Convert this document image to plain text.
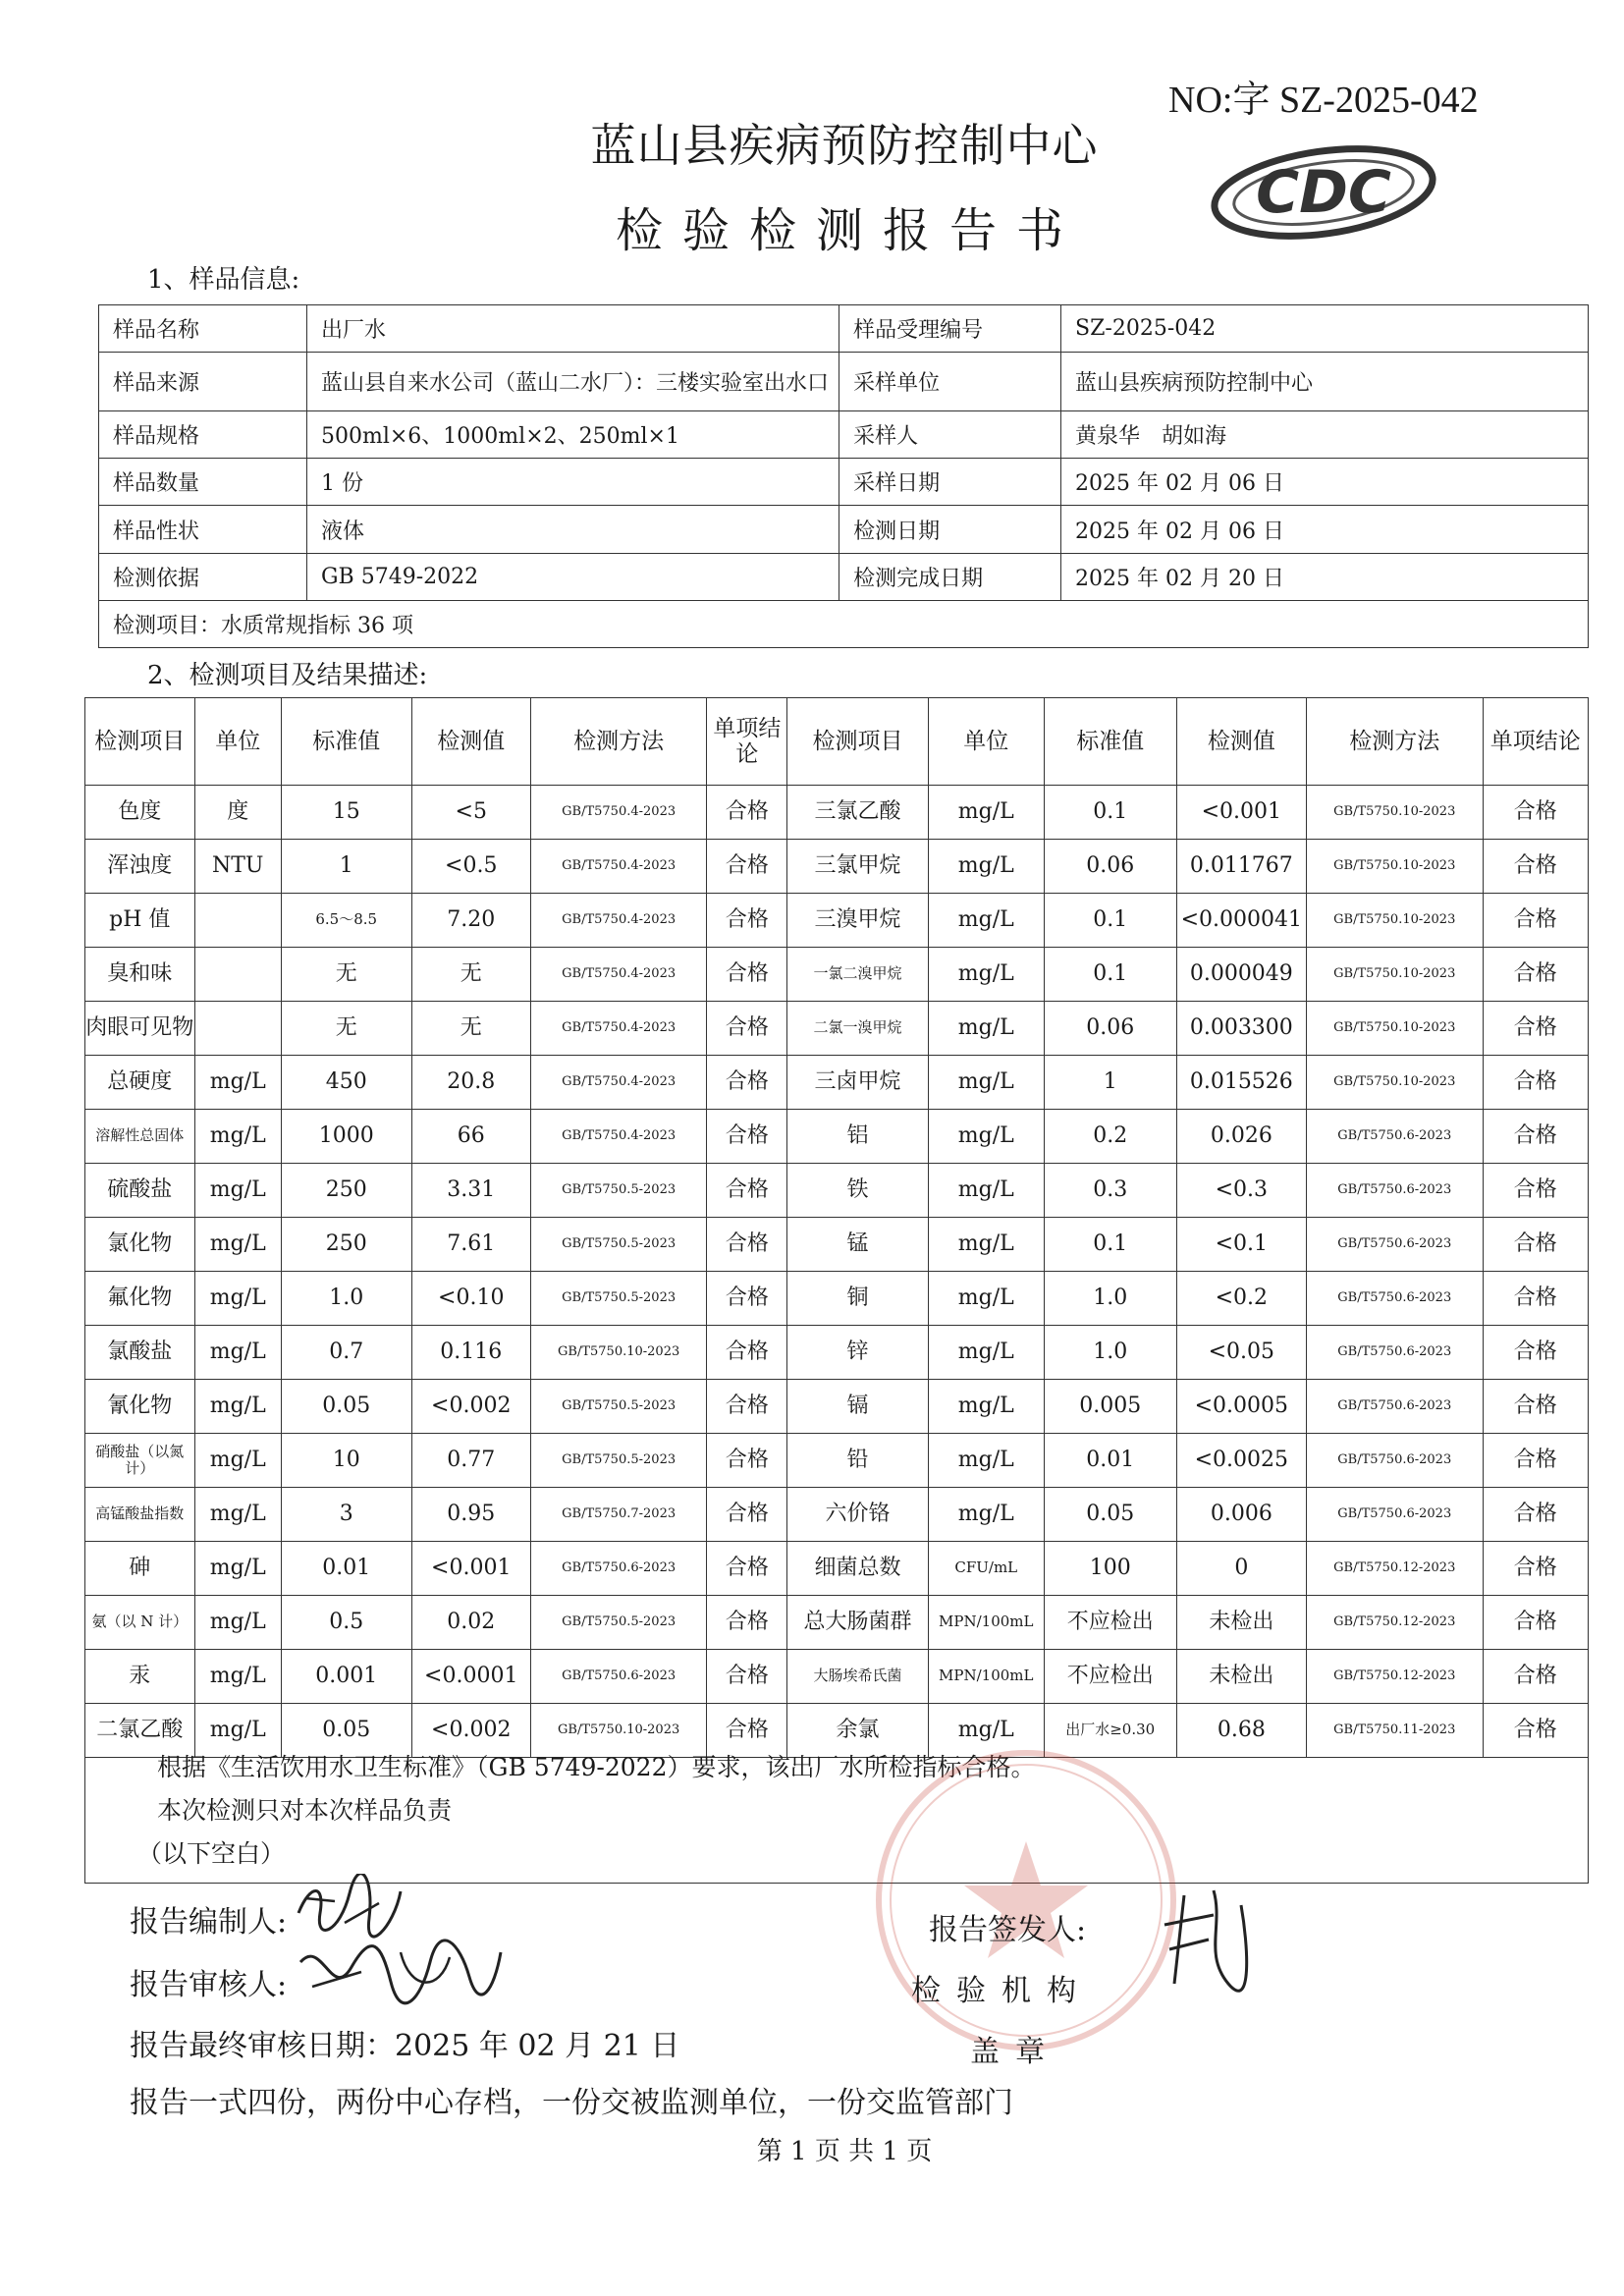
NO:字 SZ-2025-042
蓝山县疾病预防控制中心
检验检测报告书
CDC
1、样品信息:
样品名称	出厂水	样品受理编号	SZ-2025-042
样品来源	蓝山县自来水公司（蓝山二水厂）：三楼实验室出水口	采样单位	蓝山县疾病预防控制中心
样品规格	500ml×6、1000ml×2、250ml×1	采样人	黄泉华　胡如海
样品数量	1 份	采样日期	2025 年 02 月 06 日
样品性状	液体	检测日期	2025 年 02 月 06 日
检测依据	GB 5749-2022	检测完成日期	2025 年 02 月 20 日
检测项目：水质常规指标 36 项			
2、检测项目及结果描述:
检测项目	单位	标准值	检测值	检测方法	单项结论	检测项目	单位	标准值	检测值	检测方法	单项结论
色度	度	15	<5	GB/T5750.4-2023	合格	三氯乙酸	mg/L	0.1	<0.001	GB/T5750.10-2023	合格
浑浊度	NTU	1	<0.5	GB/T5750.4-2023	合格	三氯甲烷	mg/L	0.06	0.011767	GB/T5750.10-2023	合格
pH 值		6.5～8.5	7.20	GB/T5750.4-2023	合格	三溴甲烷	mg/L	0.1	<0.000041	GB/T5750.10-2023	合格
臭和味		无	无	GB/T5750.4-2023	合格	一氯二溴甲烷	mg/L	0.1	0.000049	GB/T5750.10-2023	合格
肉眼可见物		无	无	GB/T5750.4-2023	合格	二氯一溴甲烷	mg/L	0.06	0.003300	GB/T5750.10-2023	合格
总硬度	mg/L	450	20.8	GB/T5750.4-2023	合格	三卤甲烷	mg/L	1	0.015526	GB/T5750.10-2023	合格
溶解性总固体	mg/L	1000	66	GB/T5750.4-2023	合格	铝	mg/L	0.2	0.026	GB/T5750.6-2023	合格
硫酸盐	mg/L	250	3.31	GB/T5750.5-2023	合格	铁	mg/L	0.3	<0.3	GB/T5750.6-2023	合格
氯化物	mg/L	250	7.61	GB/T5750.5-2023	合格	锰	mg/L	0.1	<0.1	GB/T5750.6-2023	合格
氟化物	mg/L	1.0	<0.10	GB/T5750.5-2023	合格	铜	mg/L	1.0	<0.2	GB/T5750.6-2023	合格
氯酸盐	mg/L	0.7	0.116	GB/T5750.10-2023	合格	锌	mg/L	1.0	<0.05	GB/T5750.6-2023	合格
氰化物	mg/L	0.05	<0.002	GB/T5750.5-2023	合格	镉	mg/L	0.005	<0.0005	GB/T5750.6-2023	合格
硝酸盐（以氮计）	mg/L	10	0.77	GB/T5750.5-2023	合格	铅	mg/L	0.01	<0.0025	GB/T5750.6-2023	合格
高锰酸盐指数	mg/L	3	0.95	GB/T5750.7-2023	合格	六价铬	mg/L	0.05	0.006	GB/T5750.6-2023	合格
砷	mg/L	0.01	<0.001	GB/T5750.6-2023	合格	细菌总数	CFU/mL	100	0	GB/T5750.12-2023	合格
氨（以 N 计）	mg/L	0.5	0.02	GB/T5750.5-2023	合格	总大肠菌群	MPN/100mL	不应检出	未检出	GB/T5750.12-2023	合格
汞	mg/L	0.001	<0.0001	GB/T5750.6-2023	合格	大肠埃希氏菌	MPN/100mL	不应检出	未检出	GB/T5750.12-2023	合格
二氯乙酸	mg/L	0.05	<0.002	GB/T5750.10-2023	合格	余氯	mg/L	出厂水≥0.30	0.68	GB/T5750.11-2023	合格
根据《生活饮用水卫生标准》（GB 5749-2022）要求，该出厂水所检指标合格。
本次检测只对本次样品负责
（以下空白）
报告编制人:
报告审核人:
报告最终审核日期：2025 年 02 月 21 日
报告一式四份，两份中心存档，一份交被监测单位，一份交监管部门
报告签发人:
检验机构
盖章
第 1 页 共 1 页
